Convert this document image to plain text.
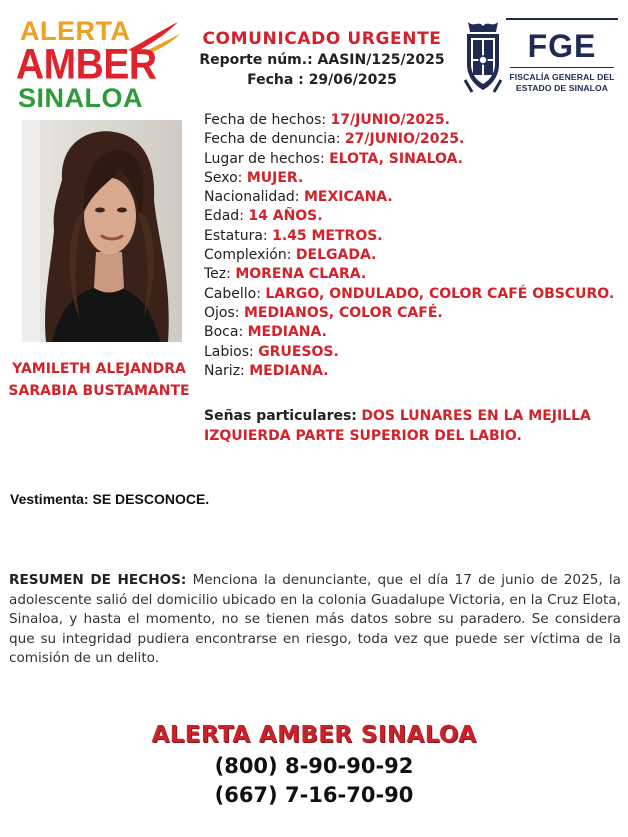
ALERTA
AMBER
SINALOA
COMUNICADO URGENTE
Reporte núm.: AASIN/125/2025
Fecha : 29/06/2025
FGE
FISCALÍA GENERAL DEL
ESTADO DE SINALOA
YAMILETH ALEJANDRA
SARABIA BUSTAMANTE
Fecha de hechos: 17/JUNIO/2025.
Fecha de denuncia: 27/JUNIO/2025.
Lugar de hechos: ELOTA, SINALOA.
Sexo: MUJER.
Nacionalidad: MEXICANA.
Edad: 14 AÑOS.
Estatura: 1.45 METROS.
Complexión: DELGADA.
Tez: MORENA CLARA.
Cabello: LARGO, ONDULADO, COLOR CAFÉ OBSCURO.
Ojos: MEDIANOS, COLOR CAFÉ.
Boca: MEDIANA.
Labios: GRUESOS.
Nariz: MEDIANA.
Señas particulares: DOS LUNARES EN LA MEJILLA
IZQUIERDA PARTE SUPERIOR DEL LABIO.
Vestimenta: SE DESCONOCE.
RESUMEN DE HECHOS: Menciona la denunciante, que el día 17 de junio de 2025, la adolescente salió del domicilio ubicado en la colonia Guadalupe Victoria, en la Cruz Elota, Sinaloa, y hasta el momento, no se tienen más datos sobre su paradero. Se considera que su integridad pudiera encontrarse en riesgo, toda vez que puede ser víctima de la comisión de un delito.
ALERTA AMBER SINALOA
(800) 8-90-90-92
(667) 7-16-70-90
